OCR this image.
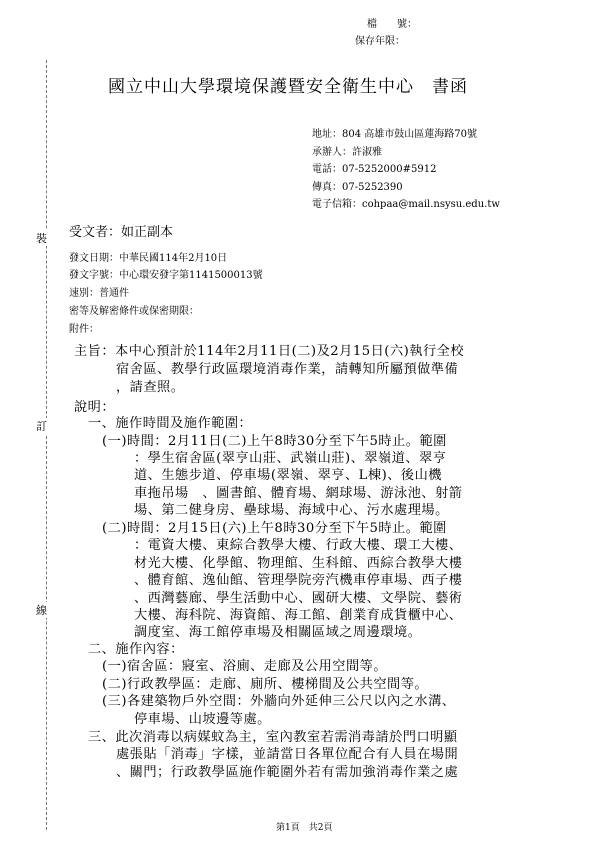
檔　　號：
保存年限：
裝
訂
線
國立中山大學環境保護暨安全衛生中心　書函
地址：804 高雄市鼓山區蓮海路70號
承辦人：許淑雅
電話：07-5252000#5912
傳真：07-5252390
電子信箱：cohpaa@mail.nsysu.edu.tw
受文者：如正副本
發文日期：中華民國114年2月10日
發文字號：中心環安發字第1141500013號
速別：普通件
密等及解密條件或保密期限：
附件：
主旨：本中心預計於114年2月11日(二)及2月15日(六)執行全校
宿舍區、教學行政區環境消毒作業，請轉知所屬預做準備
，請查照。
說明：
一、施作時間及施作範圍：
(一)時間：2月11日(二)上午8時30分至下午5時止。範圍
：學生宿舍區(翠亨山莊、武嶺山莊)、翠嶺道、翠亨
道、生態步道、停車場(翠嶺、翠亨、L棟)、後山機
車拖吊場　、圖書館、體育場、網球場、游泳池、射箭
場、第二健身房、壘球場、海域中心、污水處理場。
(二)時間：2月15日(六)上午8時30分至下午5時止。範圍
：電資大樓、東綜合教學大樓、行政大樓、環工大樓、
材光大樓、化學館、物理館、生科館、西綜合教學大樓
、體育館、逸仙館、管理學院旁汽機車停車場、西子樓
、西灣藝廊、學生活動中心、國研大樓、文學院、藝術
大樓、海科院、海資館、海工館、創業育成貨櫃中心、
調度室、海工館停車場及相關區域之周邊環境。
二、施作內容：
(一)宿舍區：寢室、浴廁、走廊及公用空間等。
(二)行政教學區：走廊、廁所、樓梯間及公共空間等。
(三)各建築物戶外空間：外牆向外延伸三公尺以內之水溝、
停車場、山坡邊等處。
三、此次消毒以病媒蚊為主，室內教室若需消毒請於門口明顯
處張貼「消毒」字樣，並請當日各單位配合有人員在場開
、關門；行政教學區施作範圍外若有需加強消毒作業之處
第1頁　共2頁
